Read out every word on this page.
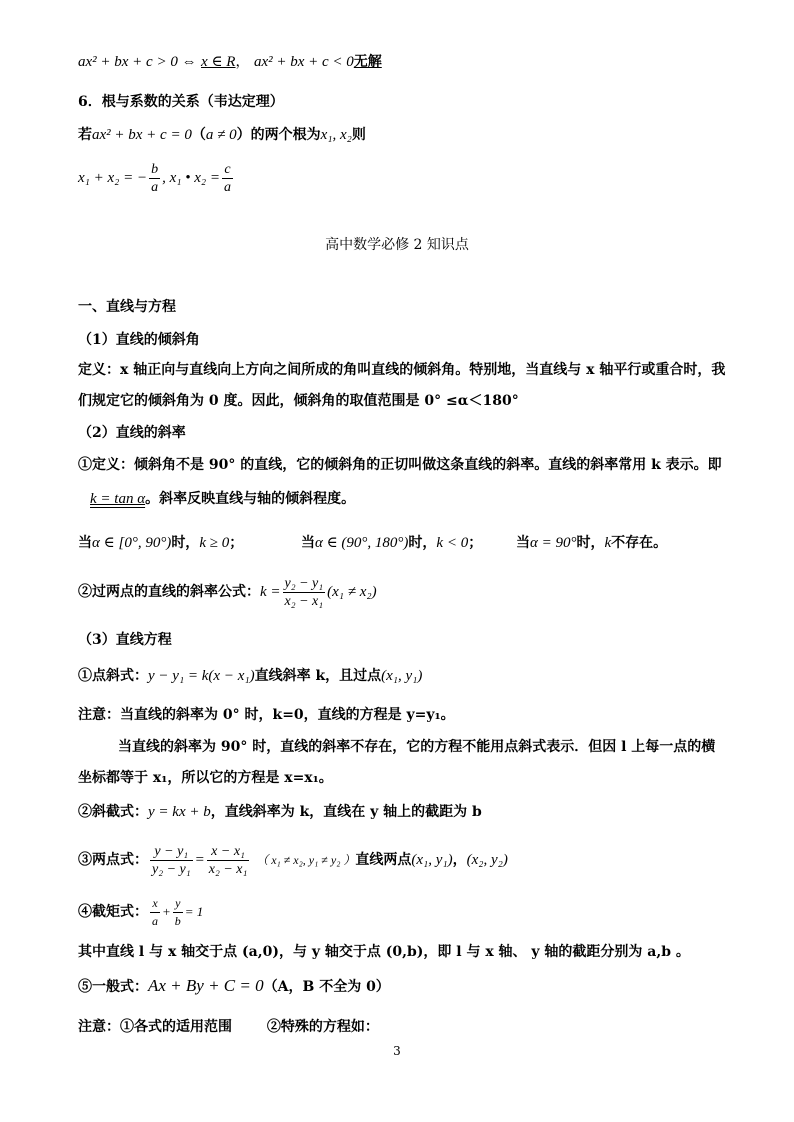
ax² + bx + c > 0 ⇔ x ∈ R， ax² + bx + c < 0无解
6．根与系数的关系（韦达定理）
若ax² + bx + c = 0（a ≠ 0）的两个根为x₁, x₂则
x₁ + x₂ = − $\frac{b}{a}$ , x₁ • $x_2 = \frac{c}{a}$
高中数学必修 2 知识点
一、直线与方程
（1）直线的倾斜角
定义：x 轴正向与直线向上方向之间所成的角叫直线的倾斜角。特别地，当直线与 x 轴平行或重合时，我
们规定它的倾斜角为 0 度。因此，倾斜角的取值范围是 0° ≤α＜180°
（2）直线的斜率
①定义：倾斜角不是 90° 的直线，它的倾斜角的正切叫做这条直线的斜率。直线的斜率常用 k 表示。即
k = tan α。斜率反映直线与轴的倾斜程度。
当α ∈ [0°, 90°)时，k ≥ 0；	当α ∈ (90°, 180°)时，k < 0； 当α = 90°时，k不存在。
②过两点的直线的斜率公式：$k = \frac{\text{y₂ − y₁}}{\text{x₂ − x₁}} (x_1 \ne x_2)$
（3）直线方程
①点斜式：y − y₁ = k(x − x₁)直线斜率 k，且过点(x₁, y₁)
注意：当直线的斜率为 0° 时，k=0，直线的方程是 y=y₁。
当直线的斜率为 90° 时，直线的斜率不存在，它的方程不能用点斜式表示．但因 l 上每一点的横
坐标都等于 x₁，所以它的方程是 x=x₁。
②斜截式：y = kx + b，直线斜率为 k，直线在 y 轴上的截距为 b
③两点式： $\frac{\text{y − y₁}}{\text{y₂ − y₁}} = \frac{\text{x − x₁}}{\text{x₂ − x₁}}$ （ x₁ ≠ x₂, y₁ ≠ y₂ ）直线两点(x₁, y₁)，(x₂, y₂)
④截矩式： $\frac{x}{a} + \frac{y}{b} = 1$
其中直线 l 与 x 轴交于点 (a,0)，与 y 轴交于点 (0,b)，即 l 与 x 轴、 y 轴的截距分别为 a,b 。
⑤一般式：Ax + By + C = 0（A，B 不全为 0）
注意：①各式的适用范围 ②特殊的方程如：
3
